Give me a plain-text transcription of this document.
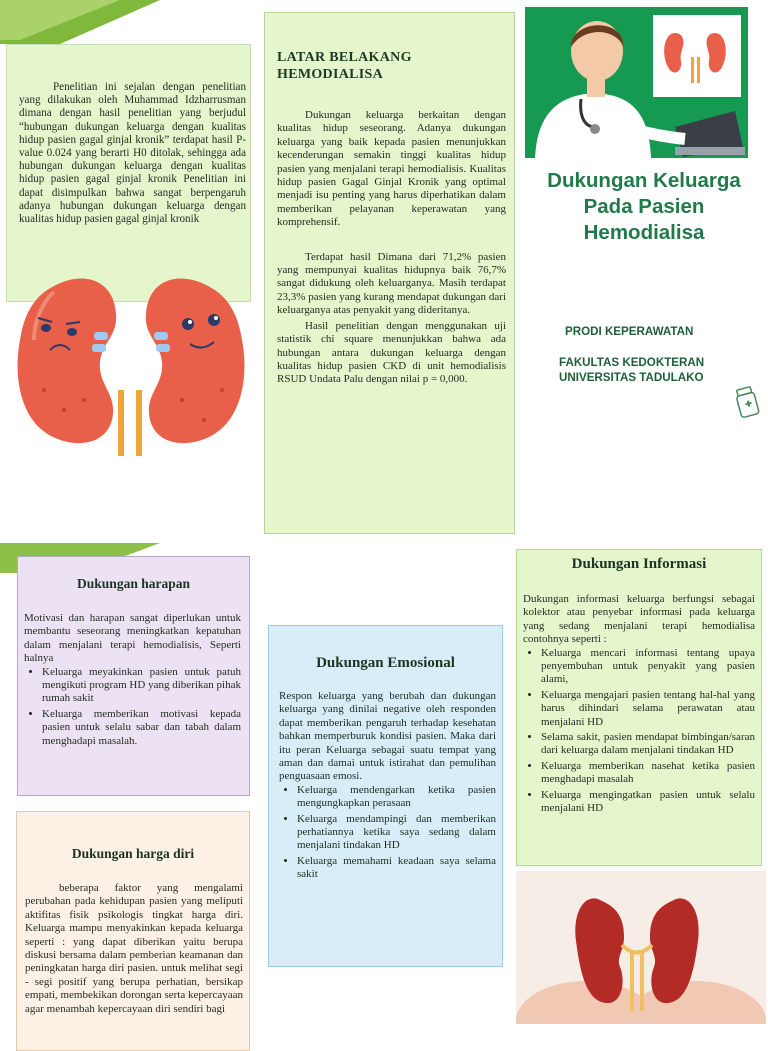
Penelitian ini sejalan dengan penelitian yang dilakukan oleh Muhammad Idzharrusman dimana dengan hasil penelitian yang berjudul “hubungan dukungan keluarga dengan kualitas hidup pasien gagal ginjal kronik” terdapat hasil P-value 0.024 yang berarti H0 ditolak, sehingga ada hubungan dukungan keluarga dengan kualitas hidup pasien gagal ginjal kronik Penelitian ini dapat disimpulkan bahwa sangat berpengaruh adanya hubungan dukungan keluarga dengan kualitas hidup pasien gagal ginjal kronik
LATAR BELAKANG HEMODIALISA
Dukungan keluarga berkaitan dengan kualitas hidup seseorang. Adanya dukungan keluarga yang baik kepada pasien menunjukkan kecenderungan semakin tinggi kualitas hidup pasien yang menjalani terapi hemodialisis. Kualitas hidup pasien Gagal Ginjal Kronik yang optimal menjadi isu penting yang harus diperhatikan dalam memberikan pelayanan keperawatan yang komprehensif.
Terdapat hasil Dimana dari 71,2% pasien yang mempunyai kualitas hidupnya baik 76,7% sangat didukung oleh keluarganya. Masih terdapat 23,3% pasien yang kurang mendapat dukungan dari keluarganya atas penyakit yang dideritanya.
Hasil penelitian dengan menggunakan uji statistik chi square menunjukkan bahwa ada hubungan antara dukungan keluarga dengan kualitas hidup pasien CKD di unit hemodialisis RSUD Undata Palu dengan nilai p = 0,000.
Dukungan Keluarga
Pada Pasien
Hemodialisa
PRODI KEPERAWATAN
FAKULTAS KEDOKTERAN
UNIVERSITAS TADULAKO
Dukungan harapan
Motivasi dan harapan sangat diperlukan untuk membantu seseorang meningkatkan kepatuhan dalam menjalani terapi hemodialisis, Seperti halnya
• Keluarga meyakinkan pasien untuk patuh mengikuti program HD yang diberikan pihak rumah sakit
• Keluarga memberikan motivasi kepada pasien untuk selalu sabar dan tabah dalam menghadapi masalah.
Dukungan harga diri
beberapa faktor yang mengalami perubahan pada kehidupan pasien yang meliputi aktifitas fisik psikologis tingkat harga diri. Keluarga mampu menyakinkan kepada keluarga seperti : yang dapat diberikan yaitu berupa diskusi bersama dalam pemberian keamanan dan peningkatan harga diri pasien. untuk melihat segi - segi positif yang berupa perhatian, bersikap empati, membekikan dorongan serta kepercayaan agar menambah kepercayaan diri sendiri bagi
Dukungan Emosional
Respon keluarga yang berubah dan dukungan keluarga yang dinilai negative oleh responden dapat memberikan pengaruh terhadap kesehatan bahkan memperburuk kondisi pasien. Maka dari itu peran Keluarga sebagai suatu tempat yang aman dan damai untuk istirahat dan pemulihan penguasaan emosi.
• Keluarga mendengarkan ketika pasien mengungkapkan perasaan
• Keluarga mendampingi dan memberikan perhatiannya ketika saya sedang dalam menjalani tindakan HD
• Keluarga memahami keadaan saya selama sakit
Dukungan Informasi
Dukungan informasi keluarga berfungsi sebagai kolektor atau penyebar informasi pada keluarga yang sedang menjalani terapi hemodialisa contohnya seperti :
• Keluarga mencari informasi tentang upaya penyembuhan untuk penyakit yang pasien alami,
• Keluarga mengajari pasien tentang hal-hal yang harus dihindari selama perawatan atau menjalani HD
• Selama sakit, pasien mendapat bimbingan/saran dari keluarga dalam menjalani tindakan HD
• Keluarga memberikan nasehat ketika pasien menghadapi masalah
• Keluarga mengingatkan pasien untuk selalu menjalani HD
